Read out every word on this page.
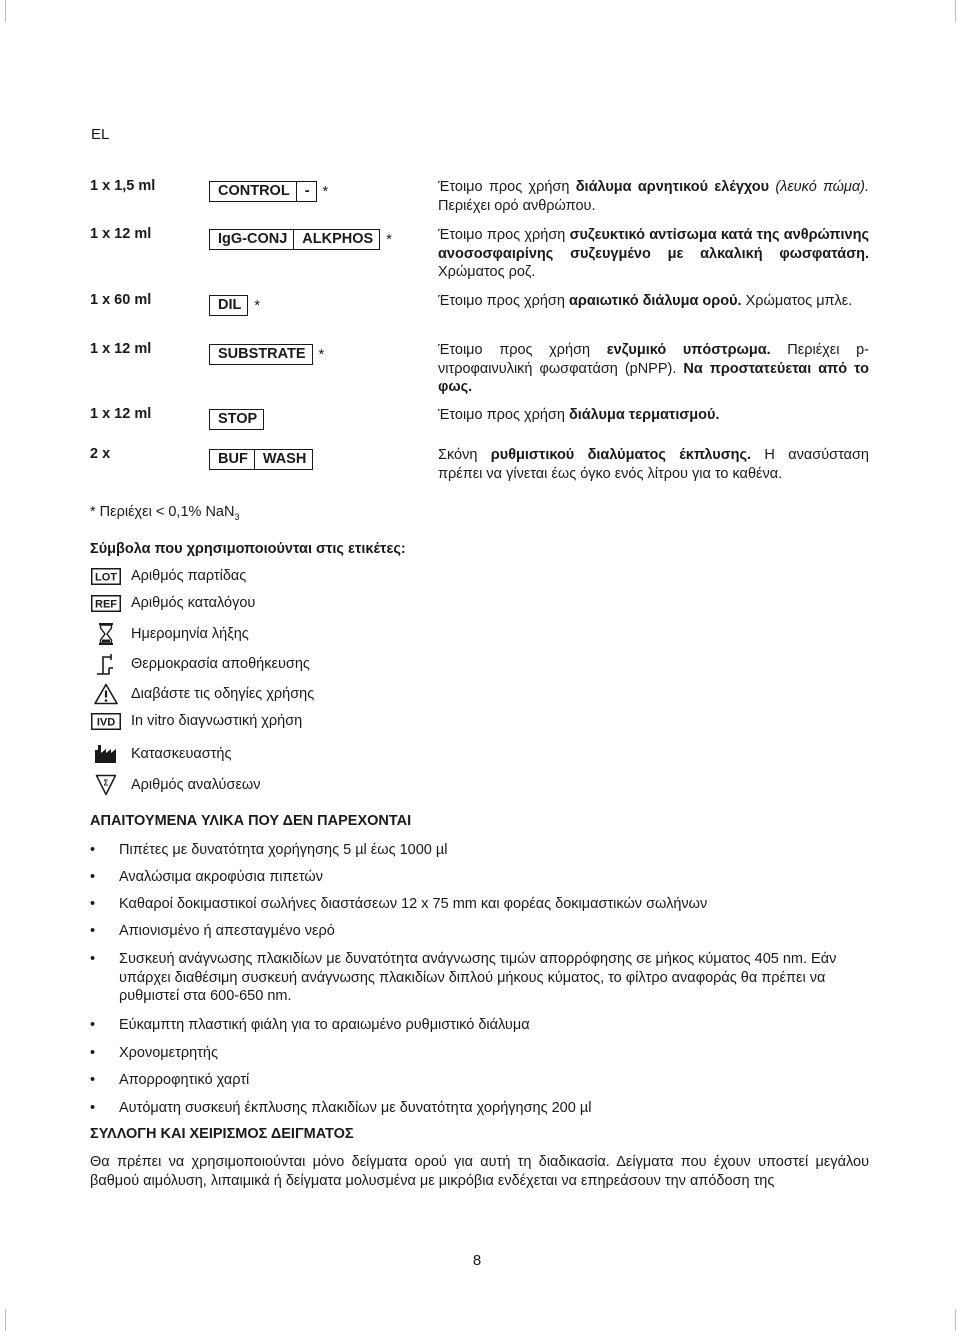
EL
1 x 1,5 ml	CONTROL	- *	Έτοιμο προς χρήση διάλυμα αρνητικού ελέγχου (λευκό πώμα). Περιέχει ορό ανθρώπου.
1 x 12 ml	IgG-CONJ	ALKPHOS *	Έτοιμο προς χρήση συζευκτικό αντίσωμα κατά της ανθρώπινης ανοσοσφαιρίνης συζευγμένο με αλκαλική φωσφατάση. Χρώματος ροζ.
1 x 60 ml	DIL *	Έτοιμο προς χρήση αραιωτικό διάλυμα ορού. Χρώματος μπλε.
1 x 12 ml	SUBSTRATE *	Έτοιμο προς χρήση ενζυμικό υπόστρωμα. Περιέχει p-νιτροφαινυλική φωσφατάση (pNPP). Να προστατεύεται από το φως.
1 x 12 ml	STOP	Έτοιμο προς χρήση διάλυμα τερματισμού.
2 x	BUF	WASH	Σκόνη ρυθμιστικού διαλύματος έκπλυσης. Η ανασύσταση πρέπει να γίνεται έως όγκο ενός λίτρου για το καθένα.
* Περιέχει < 0,1% NaN$_3$
Σύμβολα που χρησιμοποιούνται στις ετικέτες:
LOT Αριθμός παρτίδας
REF Αριθμός καταλόγου
Ημερομηνία λήξης
Θερμοκρασία αποθήκευσης
Διαβάστε τις οδηγίες χρήσης
IVD In vitro διαγνωστική χρήση
Κατασκευαστής
Σ Αριθμός αναλύσεων
ΑΠΑΙΤΟΥΜΕΝΑ ΥΛΙΚΑ ΠΟΥ ΔΕΝ ΠΑΡΕΧΟΝΤΑΙ
• Πιπέτες με δυνατότητα χορήγησης 5 µl έως 1000 µl
• Αναλώσιμα ακροφύσια πιπετών
• Καθαροί δοκιμαστικοί σωλήνες διαστάσεων 12 x 75 mm και φορέας δοκιμαστικών σωλήνων
• Απιονισμένο ή απεσταγμένο νερό
• Συσκευή ανάγνωσης πλακιδίων με δυνατότητα ανάγνωσης τιμών απορρόφησης σε μήκος κύματος 405 nm. Εάν υπάρχει διαθέσιμη συσκευή ανάγνωσης πλακιδίων διπλού μήκους κύματος, το φίλτρο αναφοράς θα πρέπει να ρυθμιστεί στα 600-650 nm.
• Εύκαμπτη πλαστική φιάλη για το αραιωμένο ρυθμιστικό διάλυμα
• Χρονομετρητής
• Απορροφητικό χαρτί
• Αυτόματη συσκευή έκπλυσης πλακιδίων με δυνατότητα χορήγησης 200 µl
ΣΥΛΛΟΓΗ ΚΑΙ ΧΕΙΡΙΣΜΟΣ ΔΕΙΓΜΑΤΟΣ
Θα πρέπει να χρησιμοποιούνται μόνο δείγματα ορού για αυτή τη διαδικασία. Δείγματα που έχουν υποστεί μεγάλου βαθμού αιμόλυση, λιπαιμικά ή δείγματα μολυσμένα με μικρόβια ενδέχεται να επηρεάσουν την απόδοση της
8
